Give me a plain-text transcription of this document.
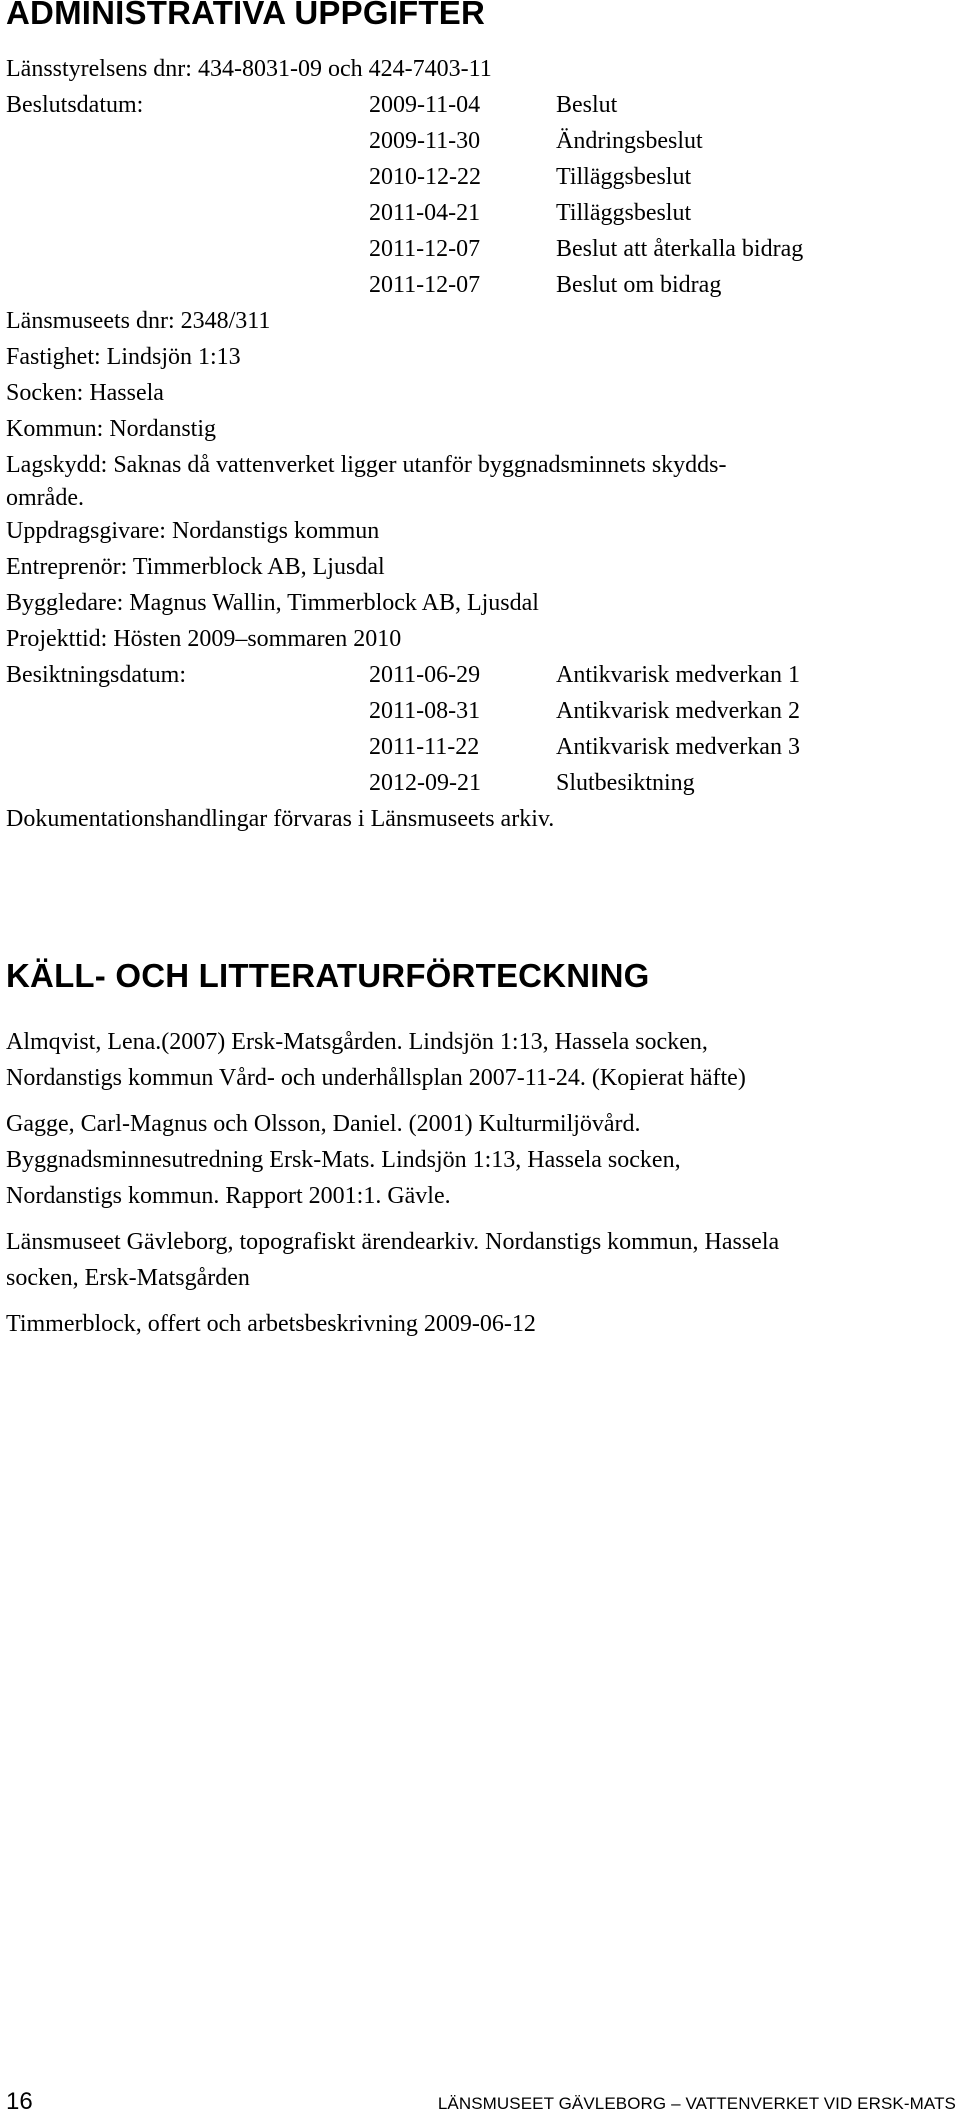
ADMINISTRATIVA UPPGIFTER
Länsstyrelsens dnr: 434-8031-09 och 424-7403-11
Beslutsdatum:	2009-11-04	Beslut
2009-11-30	Ändringsbeslut
2010-12-22	Tilläggsbeslut
2011-04-21	Tilläggsbeslut
2011-12-07	Beslut att återkalla bidrag
2011-12-07	Beslut om bidrag
Länsmuseets dnr: 2348/311
Fastighet: Lindsjön 1:13
Socken: Hassela
Kommun: Nordanstig
Lagskydd: Saknas då vattenverket ligger utanför byggnadsminnets skydds-
område.
Uppdragsgivare: Nordanstigs kommun
Entreprenör: Timmerblock AB, Ljusdal
Byggledare: Magnus Wallin, Timmerblock AB, Ljusdal
Projekttid: Hösten 2009–sommaren 2010
Besiktningsdatum:	2011-06-29	Antikvarisk medverkan 1
2011-08-31	Antikvarisk medverkan 2
2011-11-22	Antikvarisk medverkan 3
2012-09-21	Slutbesiktning
Dokumentationshandlingar förvaras i Länsmuseets arkiv.
KÄLL- OCH LITTERATURFÖRTECKNING
Almqvist, Lena.(2007) Ersk-Matsgården. Lindsjön 1:13, Hassela socken,
Nordanstigs kommun Vård- och underhållsplan 2007-11-24. (Kopierat häfte)
Gagge, Carl-Magnus och Olsson, Daniel. (2001) Kulturmiljövård.
Byggnadsminnesutredning Ersk-Mats. Lindsjön 1:13, Hassela socken,
Nordanstigs kommun. Rapport 2001:1. Gävle.
Länsmuseet Gävleborg, topografiskt ärendearkiv. Nordanstigs kommun, Hassela
socken, Ersk-Matsgården
Timmerblock, offert och arbetsbeskrivning 2009-06-12
16	LÄNSMUSEET GÄVLEBORG – VATTENVERKET VID ERSK-MATS
